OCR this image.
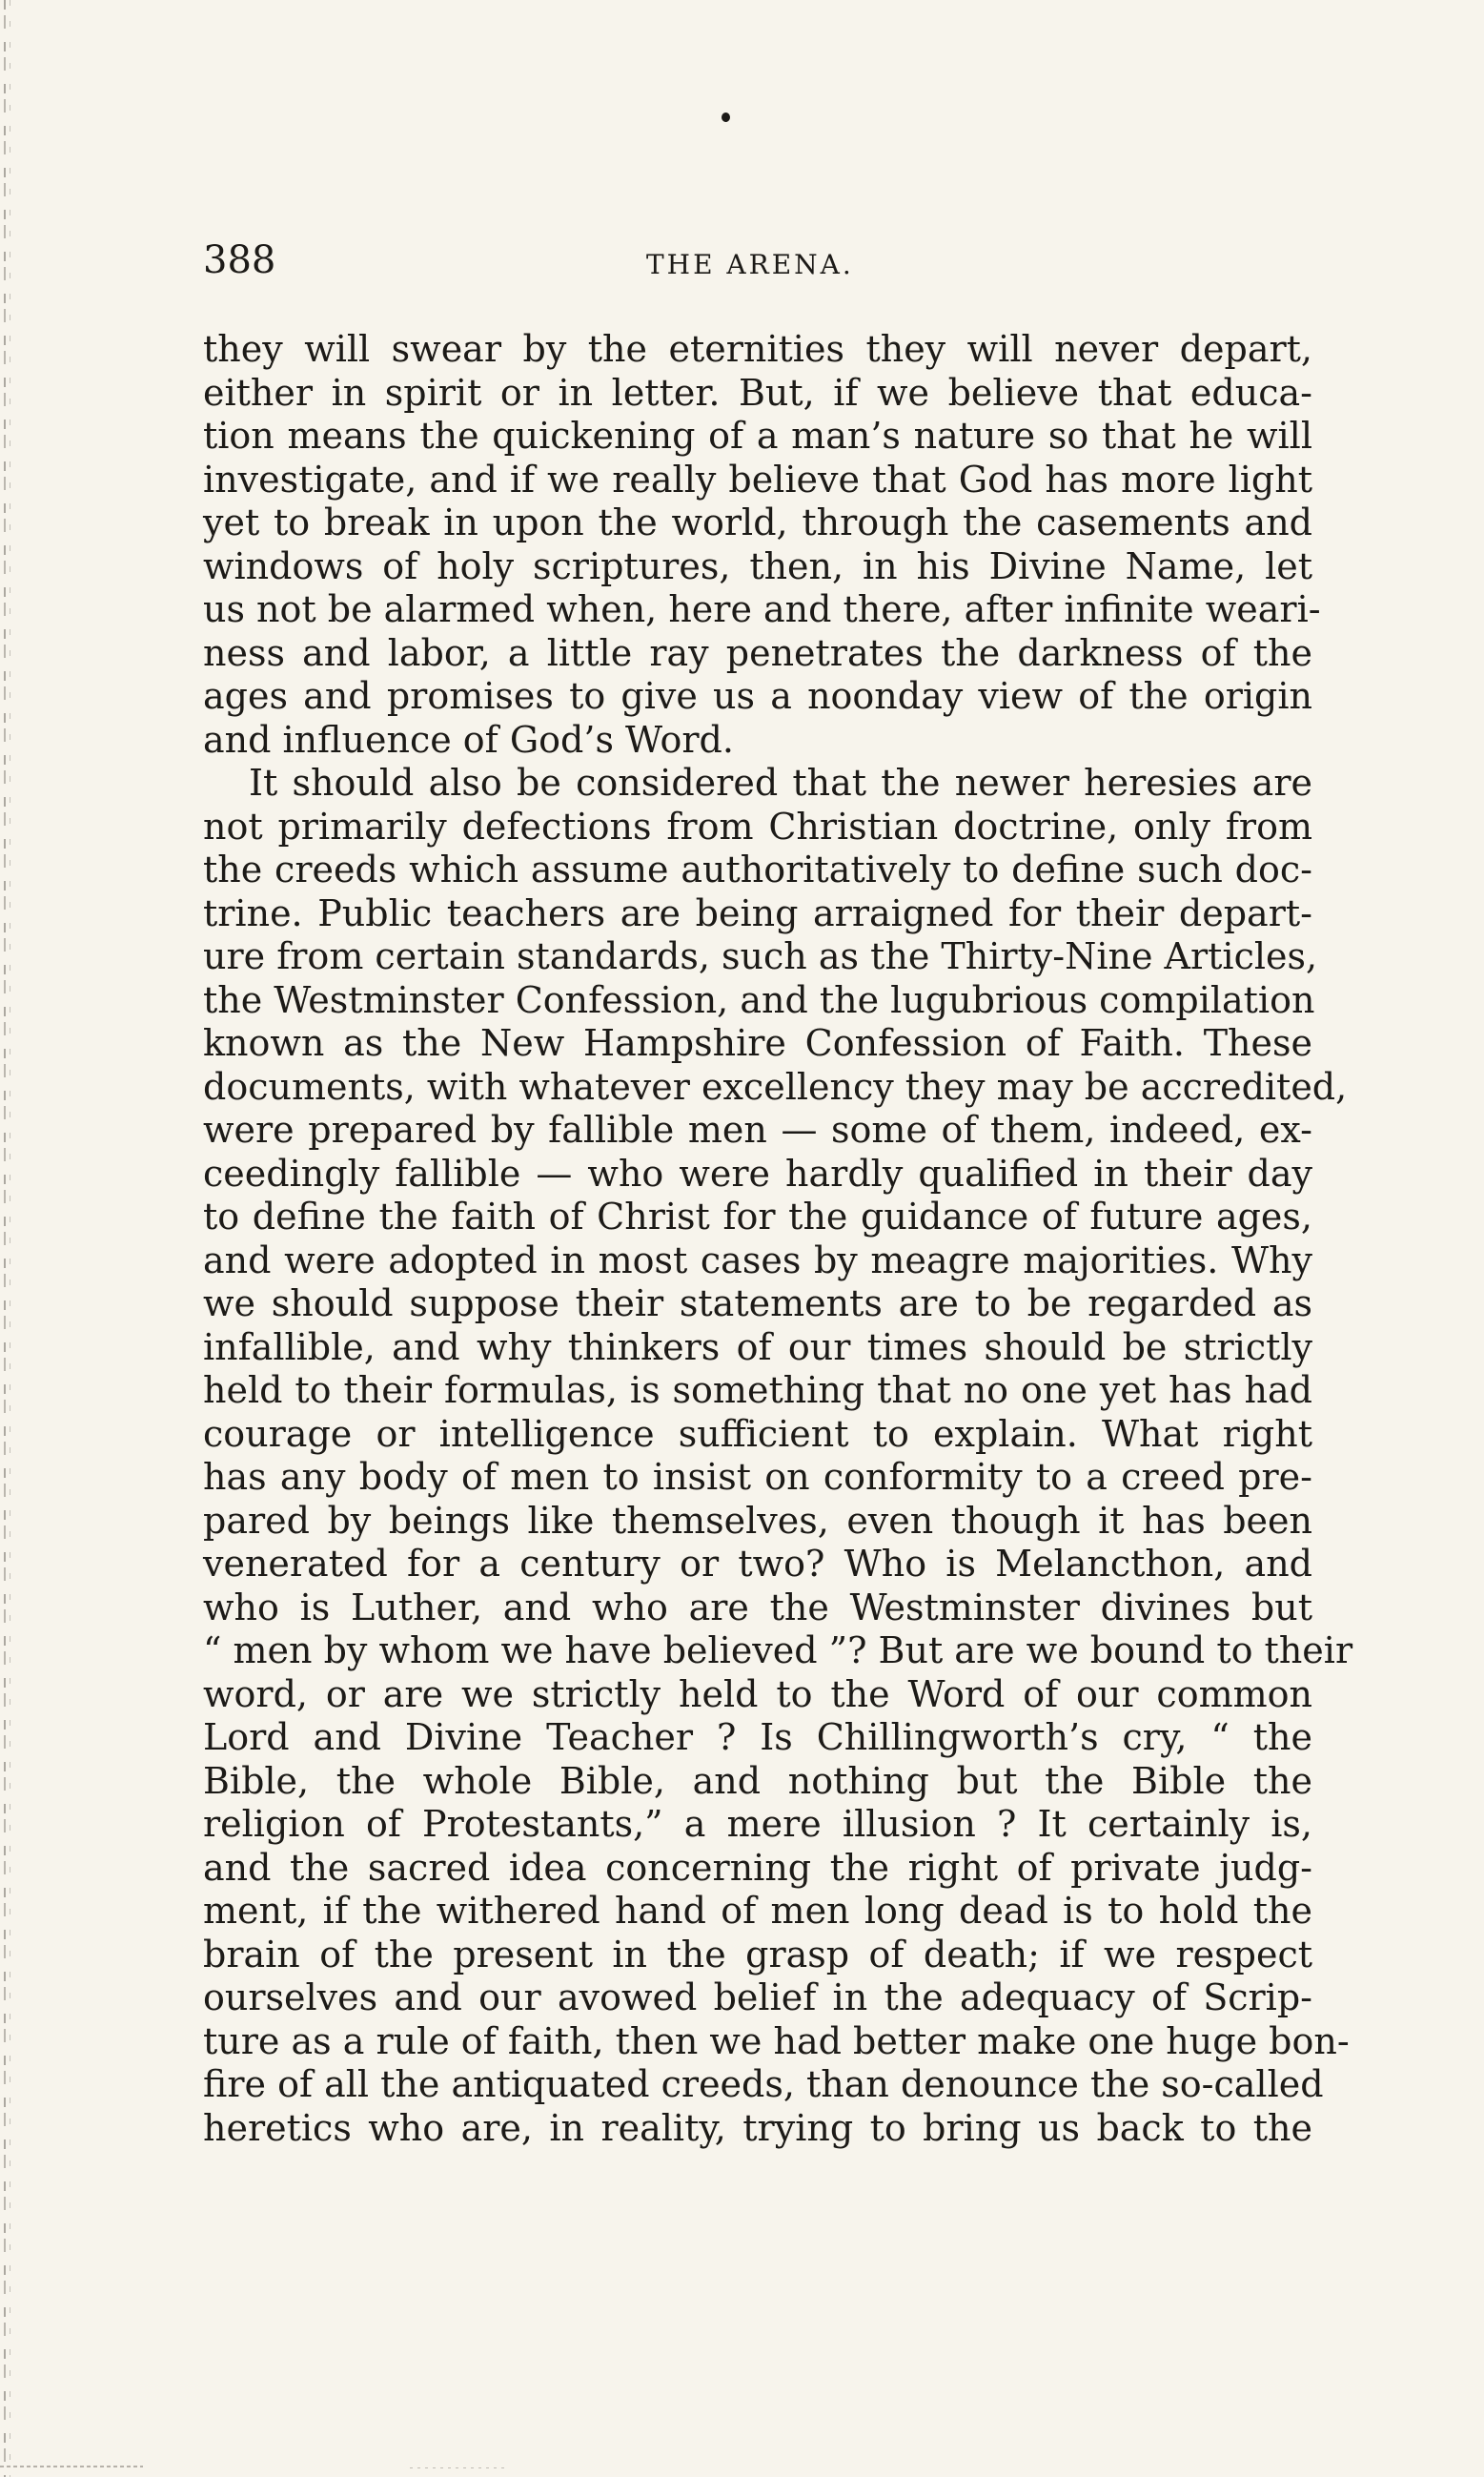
388	THE ARENA.
they will swear by the eternities they will never depart,
either in spirit or in letter. But, if we believe that educa-
tion means the quickening of a man’s nature so that he will
investigate, and if we really believe that God has more light
yet to break in upon the world, through the casements and
windows of holy scriptures, then, in his Divine Name, let
us not be alarmed when, here and there, after infinite weari-
ness and labor, a little ray penetrates the darkness of the
ages and promises to give us a noonday view of the origin
and influence of God’s Word.
It should also be considered that the newer heresies are
not primarily defections from Christian doctrine, only from
the creeds which assume authoritatively to define such doc-
trine. Public teachers are being arraigned for their depart-
ure from certain standards, such as the Thirty-Nine Articles,
the Westminster Confession, and the lugubrious compilation
known as the New Hampshire Confession of Faith. These
documents, with whatever excellency they may be accredited,
were prepared by fallible men — some of them, indeed, ex-
ceedingly fallible — who were hardly qualified in their day
to define the faith of Christ for the guidance of future ages,
and were adopted in most cases by meagre majorities. Why
we should suppose their statements are to be regarded as
infallible, and why thinkers of our times should be strictly
held to their formulas, is something that no one yet has had
courage or intelligence sufficient to explain. What right
has any body of men to insist on conformity to a creed pre-
pared by beings like themselves, even though it has been
venerated for a century or two? Who is Melancthon, and
who is Luther, and who are the Westminster divines but
“ men by whom we have believed ”? But are we bound to their
word, or are we strictly held to the Word of our common
Lord and Divine Teacher ? Is Chillingworth’s cry, “ the
Bible, the whole Bible, and nothing but the Bible the
religion of Protestants,” a mere illusion ? It certainly is,
and the sacred idea concerning the right of private judg-
ment, if the withered hand of men long dead is to hold the
brain of the present in the grasp of death; if we respect
ourselves and our avowed belief in the adequacy of Scrip-
ture as a rule of faith, then we had better make one huge bon-
fire of all the antiquated creeds, than denounce the so-called
heretics who are, in reality, trying to bring us back to the
